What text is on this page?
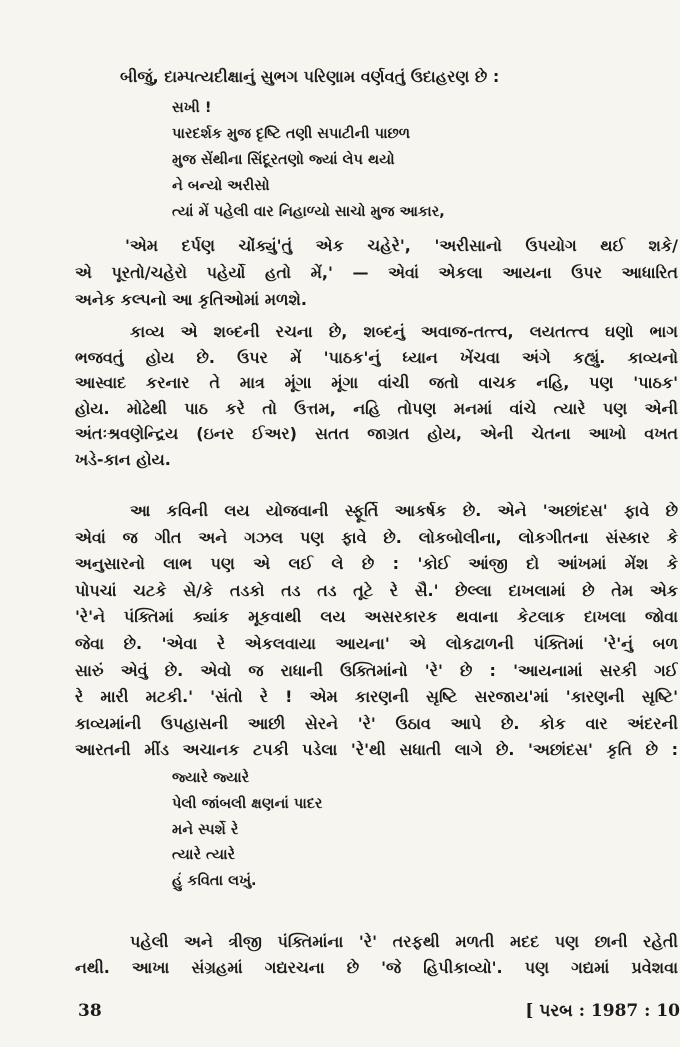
બીજું, દામ્પત્યદીક્ષાનું સુભગ પરિણામ વર્ણવતું ઉદાહરણ છે :
સખી !
પારદર્શક મુજ દૃષ્ટિ તણી સપાટીની પાછળ
મુજ સેંથીના સિંદૂરતણો જ્યાં લેપ થયો
ને બન્યો અરીસો
ત્યાં મેં પહેલી વાર નિહાળ્યો સાચો મુજ આકાર,
'એમ દર્પણ ચોંક્યું'તું એક ચહેરે', 'અરીસાનો ઉપયોગ થઈ શકે/
એ પૂરતો/ચહેરો પહેર્યો હતો મેં,' — એવાં એકલા આયના ઉપર આધારિત
અનેક કલ્પનો આ કૃતિઓમાં મળશે.
કાવ્ય એ શબ્દની રચના છે, શબ્દનું અવાજ-તત્ત્વ, લયતત્ત્વ ઘણો ભાગ
ભજવતું હોય છે. ઉપર મેં 'પાઠક'નું ધ્યાન ખેંચવા અંગે કહ્યું. કાવ્યનો
આસ્વાદ કરનાર તે માત્ર મૂંગા મૂંગા વાંચી જતો વાચક નહિ, પણ 'પાઠક'
હોય. મોઢેથી પાઠ કરે તો ઉત્તમ, નહિ તોપણ મનમાં વાંચે ત્યારે પણ એની
અંતઃશ્રવણેન્દ્રિય (ઇનર ઈઅર) સતત જાગ્રત હોય, એની ચેતના આખો વખત
ખડે-કાન હોય.
આ કવિની લય યોજવાની સ્ફૂર્તિ આકર્ષક છે. એને 'અછાંદસ' ફાવે છે
એવાં જ ગીત અને ગઝલ પણ ફાવે છે. લોકબોલીના, લોકગીતના સંસ્કાર કે
અનુસારનો લાભ પણ એ લઈ લે છે : 'કોઈ આંજી દો આંખમાં મેંશ કે
પોપચાં ચટકે સે/કે તડકો તડ તડ તૂટે રે સૈ.' છેલ્લા દાખલામાં છે તેમ એક
'રે'ને પંક્તિમાં ક્યાંક મૂકવાથી લય અસરકારક થવાના કેટલાક દાખલા જોવા
જેવા છે. 'એવા રે એકલવાયા આયના' એ લોકઢાળની પંક્તિમાં 'રે'નું બળ
સારું એવું છે. એવો જ રાધાની ઉક્તિમાંનો 'રે' છે : 'આયનામાં સરકી ગઈ
રે મારી મટકી.' 'સંતો રે ! એમ કારણની સૃષ્ટિ સરજાય'માં 'કારણની સૃષ્ટિ'
કાવ્યમાંની ઉપહાસની આછી સેરને 'રે' ઉઠાવ આપે છે. કોક વાર અંદરની
આરતની મીંડ અચાનક ટપકી પડેલા 'રે'થી સધાતી લાગે છે. 'અછાંદસ' કૃતિ છે :
જ્યારે જ્યારે
પેલી જાંબલી ક્ષણનાં પાદર
મને સ્પર્શે રે
ત્યારે ત્યારે
હું કવિતા લખું.
પહેલી અને ત્રીજી પંક્તિમાંના 'રે' તરફથી મળતી મદદ પણ છાની રહેતી
નથી. આખા સંગ્રહમાં ગદ્યરચના છે 'જે હિપીકાવ્યો'. પણ ગદ્યમાં પ્રવેશવા
38	[ પરબ : 1987 : 10
